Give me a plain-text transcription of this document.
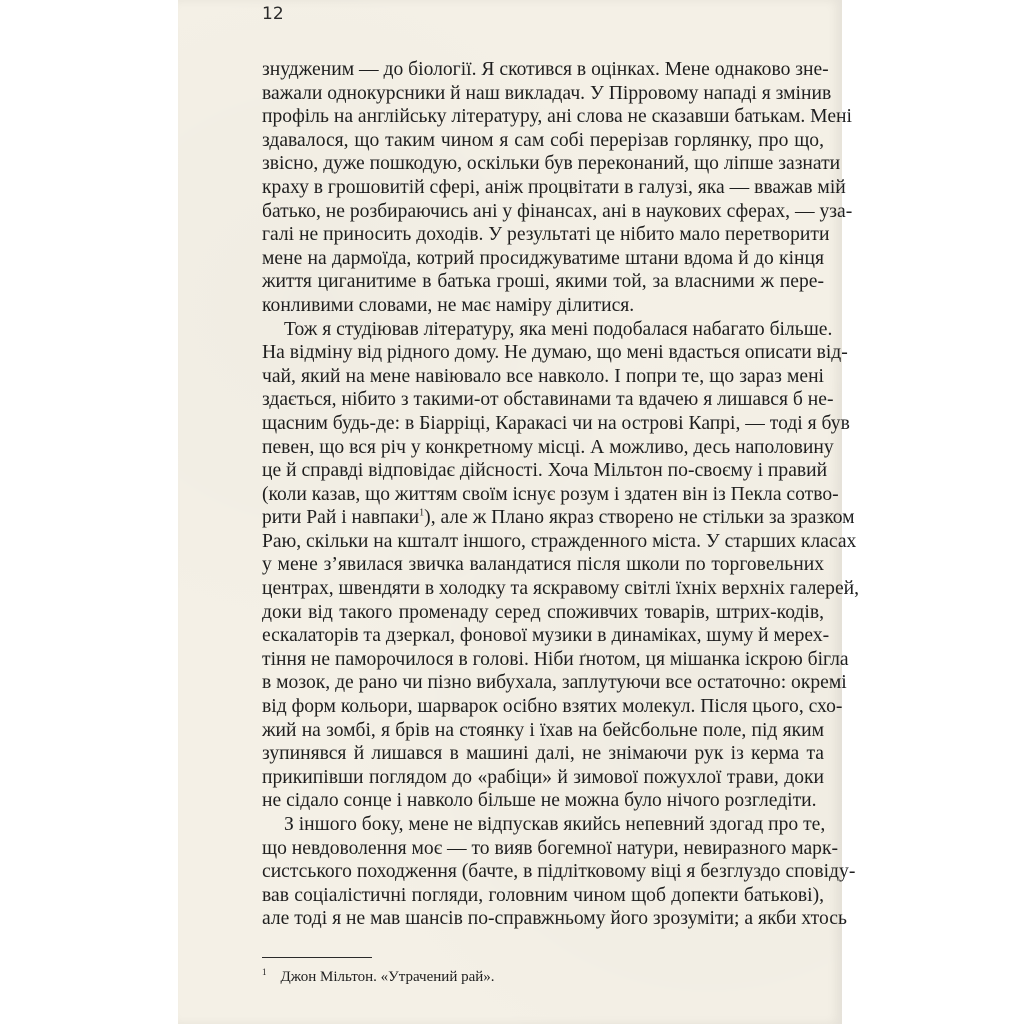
12
знудженим — до біології. Я скотився в оцінках. Мене однаково зне-
важали однокурсники й наш викладач. У Пірровому нападі я змінив
профіль на англійську літературу, ані слова не сказавши батькам. Мені
здавалося, що таким чином я сам собі перерізав горлянку, про що,
звісно, дуже пошкодую, оскільки був переконаний, що ліпше зазнати
краху в грошовитій сфері, аніж процвітати в галузі, яка — вважав мій
батько, не розбираючись ані у фінансах, ані в наукових сферах, — уза-
галі не приносить доходів. У результаті це нібито мало перетворити
мене на дармоїда, котрий просиджуватиме штани вдома й до кінця
життя циганитиме в батька гроші, якими той, за власними ж пере-
конливими словами, не має наміру ділитися.
Тож я студіював літературу, яка мені подобалася набагато більше.
На відміну від рідного дому. Не думаю, що мені вдасться описати від-
чай, який на мене навіювало все навколо. І попри те, що зараз мені
здається, нібито з такими-от обставинами та вдачею я лишався б не-
щасним будь-де: в Біарріці, Каракасі чи на острові Капрі, — тоді я був
певен, що вся річ у конкретному місці. А можливо, десь наполовину
це й справді відповідає дійсності. Хоча Мільтон по-своєму і правий
(коли казав, що життям своїм існує розум і здатен він із Пекла сотво-
рити Рай і навпаки$^1$), але ж Плано якраз створено не стільки за зразком
Раю, скільки на кшталт іншого, страждeнного міста. У старших класах
у мене з’явилася звичка валандатися після школи по торговельних
центрах, швендяти в холодку та яскравому світлі їхніх верхніх галерей,
доки від такого променаду серед споживчих товарів, штрих-кодів,
ескалаторів та дзеркал, фонової музики в динаміках, шуму й мерех-
тіння не паморочилося в голові. Ніби ґнотом, ця мішанка іскрою бігла
в мозок, де рано чи пізно вибухала, заплутуючи все остаточно: окремі
від форм кольори, шарварок осібно взятих молекул. Після цього, схо-
жий на зомбі, я брів на стоянку і їхав на бейсбольне поле, під яким
зупинявся й лишався в машині далі, не знімаючи рук із керма та
прикипівши поглядом до «рабіци» й зимової пожухлої трави, доки
не сідало сонце і навколо більше не можна було нічого розгледіти.
З іншого боку, мене не відпускав якийсь непевний здогад про те,
що невдоволення моє — то вияв богемної натури, невиразного марк-
систського походження (бачте, в підлітковому віці я безглуздо сповіду-
вав соціалістичні погляди, головним чином щоб допекти батькові),
але тоді я не мав шансів по-справжньому його зрозуміти; а якби хтось
$^1$ Джон Мільтон. «Утрачений рай».
